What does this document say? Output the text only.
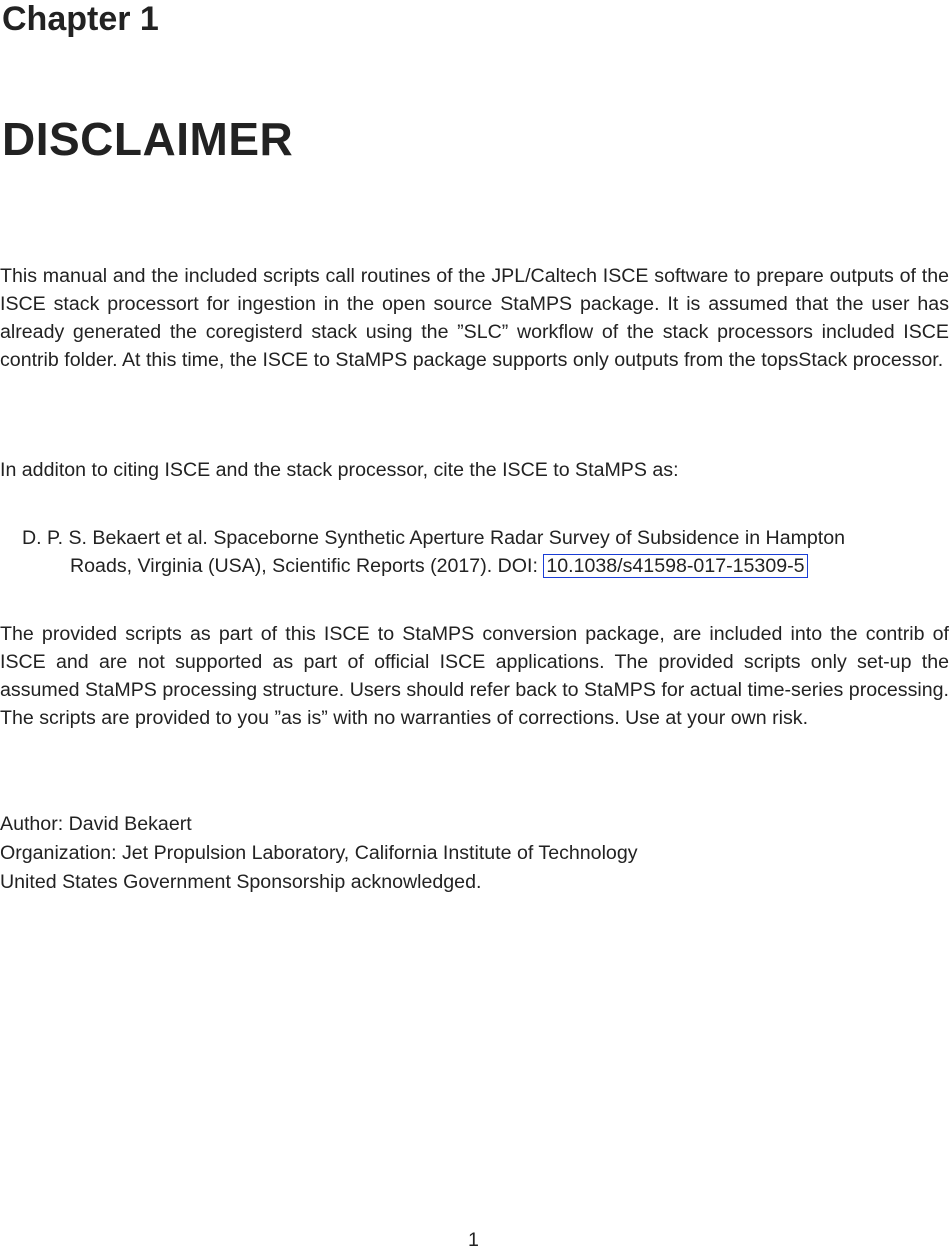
Chapter 1
DISCLAIMER

This manual and the included scripts call routines of the JPL/Caltech ISCE software to prepare outputs of the ISCE stack processort for ingestion in the open source StaMPS package. It is assumed that the user has already generated the coregisterd stack using the ”SLC” workflow of the stack processors included ISCE contrib folder. At this time, the ISCE to StaMPS package supports only outputs from the topsStack processor.

In additon to citing ISCE and the stack processor, cite the ISCE to StaMPS as:

D. P. S. Bekaert et al. Spaceborne Synthetic Aperture Radar Survey of Subsidence in Hampton
Roads, Virginia (USA), Scientific Reports (2017). DOI: 10.1038/s41598-017-15309-5

The provided scripts as part of this ISCE to StaMPS conversion package, are included into the contrib of ISCE and are not supported as part of official ISCE applications. The provided scripts only set-up the assumed StaMPS processing structure. Users should refer back to StaMPS for actual time-series processing. The scripts are provided to you ”as is” with no warranties of corrections. Use at your own risk.

Author: David Bekaert
Organization: Jet Propulsion Laboratory, California Institute of Technology
United States Government Sponsorship acknowledged.
1
